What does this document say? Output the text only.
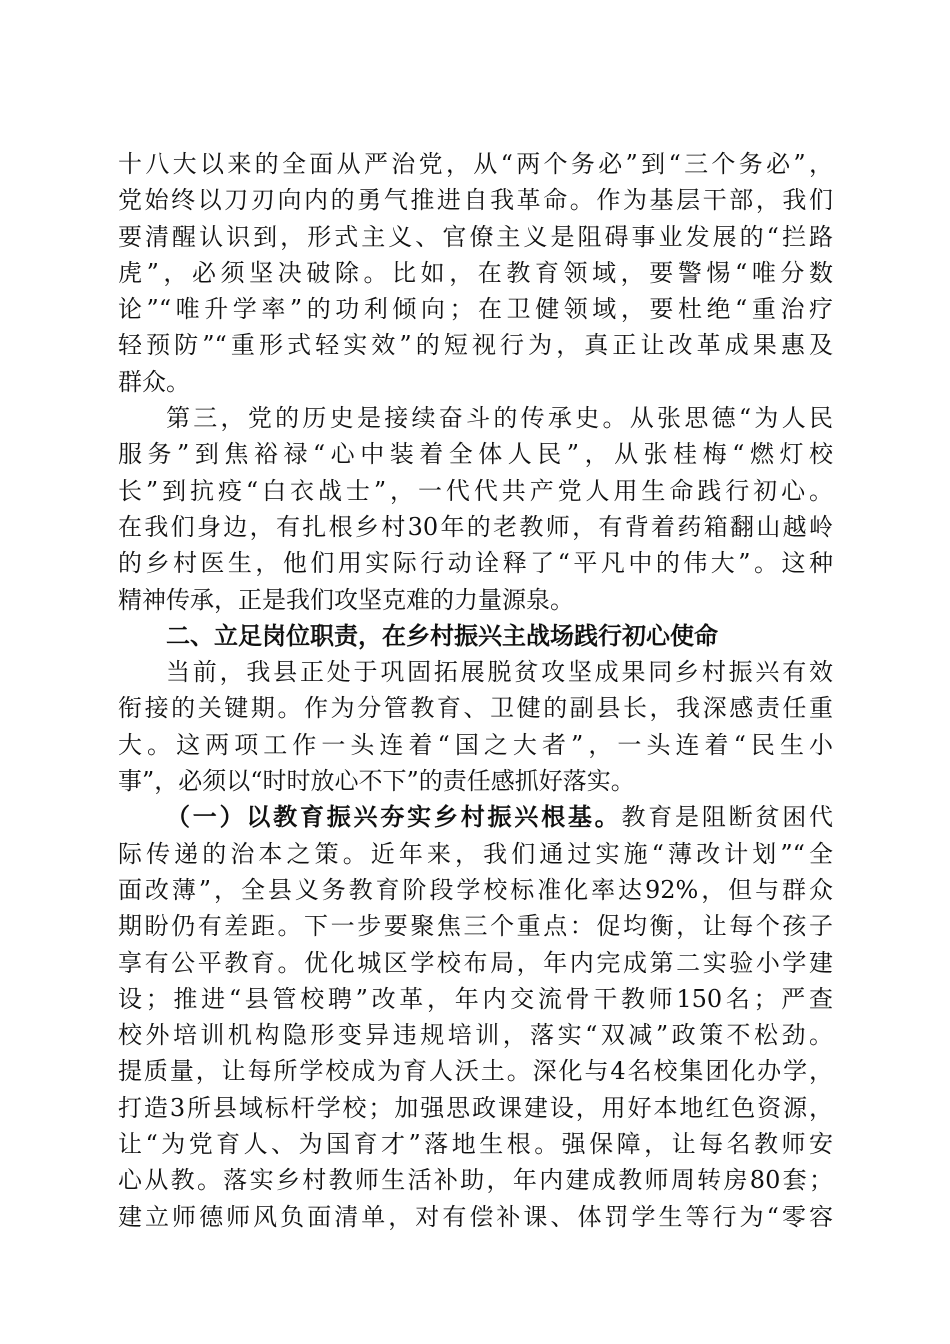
十八大以来的全面从严治党，从“两个务必”到“三个务必”，
党始终以刀刃向内的勇气推进自我革命。作为基层干部，我们
要清醒认识到，形式主义、官僚主义是阻碍事业发展的“拦路
虎”，必须坚决破除。比如，在教育领域，要警惕“唯分数
论”“唯升学率”的功利倾向；在卫健领域，要杜绝“重治疗
轻预防”“重形式轻实效”的短视行为，真正让改革成果惠及
群众。
第三，党的历史是接续奋斗的传承史。从张思德“为人民
服务”到焦裕禄“心中装着全体人民”，从张桂梅“燃灯校
长”到抗疫“白衣战士”，一代代共产党人用生命践行初心。
在我们身边，有扎根乡村30年的老教师，有背着药箱翻山越岭
的乡村医生，他们用实际行动诠释了“平凡中的伟大”。这种
精神传承，正是我们攻坚克难的力量源泉。
二、立足岗位职责，在乡村振兴主战场践行初心使命
当前，我县正处于巩固拓展脱贫攻坚成果同乡村振兴有效
衔接的关键期。作为分管教育、卫健的副县长，我深感责任重
大。这两项工作一头连着“国之大者”，一头连着“民生小
事”，必须以“时时放心不下”的责任感抓好落实。
（一）以教育振兴夯实乡村振兴根基。教育是阻断贫困代
际传递的治本之策。近年来，我们通过实施“薄改计划”“全
面改薄”，全县义务教育阶段学校标准化率达92%，但与群众
期盼仍有差距。下一步要聚焦三个重点：促均衡，让每个孩子
享有公平教育。优化城区学校布局，年内完成第二实验小学建
设；推进“县管校聘”改革，年内交流骨干教师150名；严查
校外培训机构隐形变异违规培训，落实“双减”政策不松劲。
提质量，让每所学校成为育人沃土。深化与4名校集团化办学，
打造3所县域标杆学校；加强思政课建设，用好本地红色资源，
让“为党育人、为国育才”落地生根。强保障，让每名教师安
心从教。落实乡村教师生活补助，年内建成教师周转房80套；
建立师德师风负面清单，对有偿补课、体罚学生等行为“零容
